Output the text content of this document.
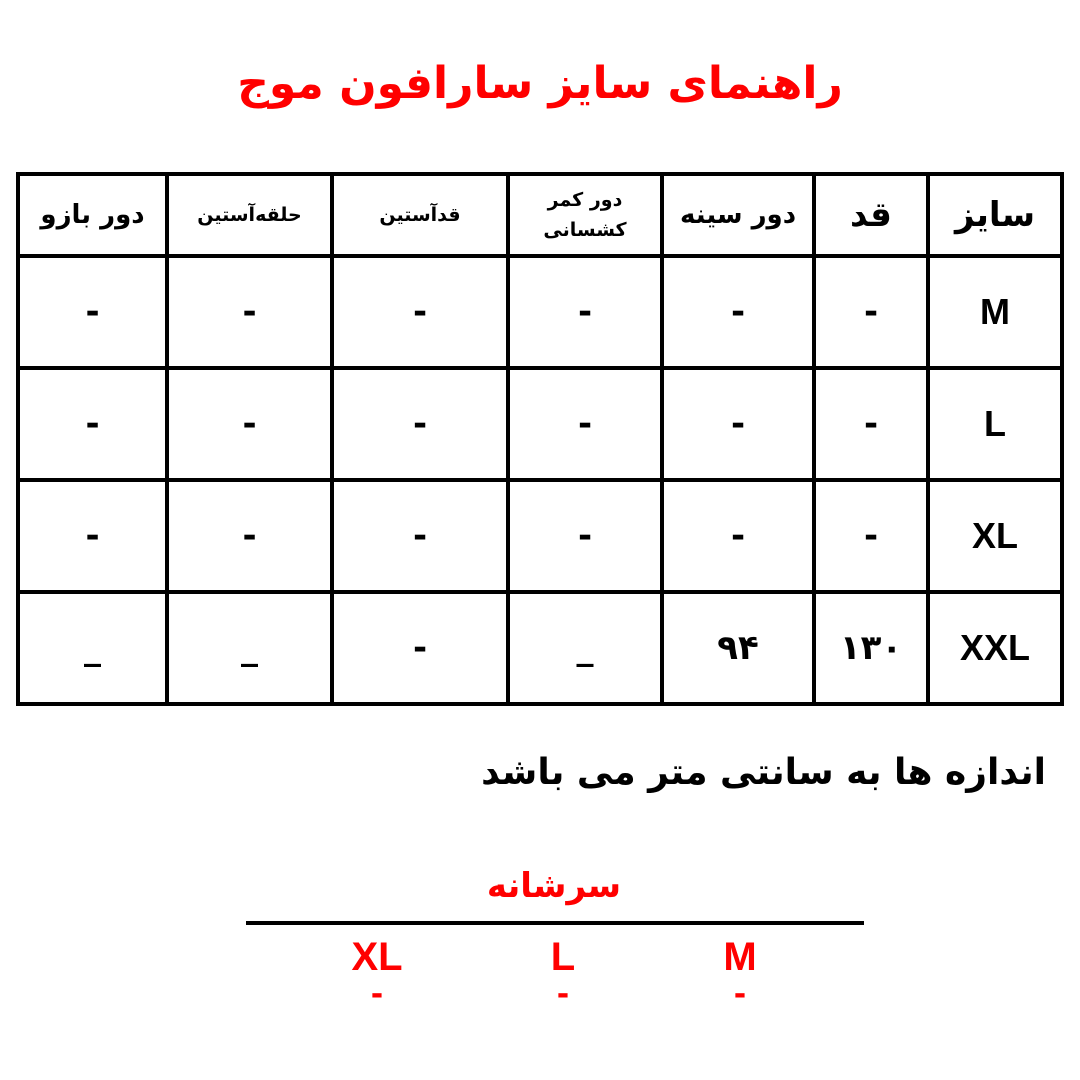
راهنمای سایز سارافون موج
سایز	قد	دور سینه	دور کمر کشسانی	قدآستین	حلقه‌آستین	دور بازو
M	-	-	-	-	-	-
L	-	-	-	-	-	-
XL	-	-	-	-	-	-
XXL	۱۳۰	۹۴	_	-	_	_
اندازه ها به سانتی متر می باشد
سرشانه
M
-
L
-
XL
-
